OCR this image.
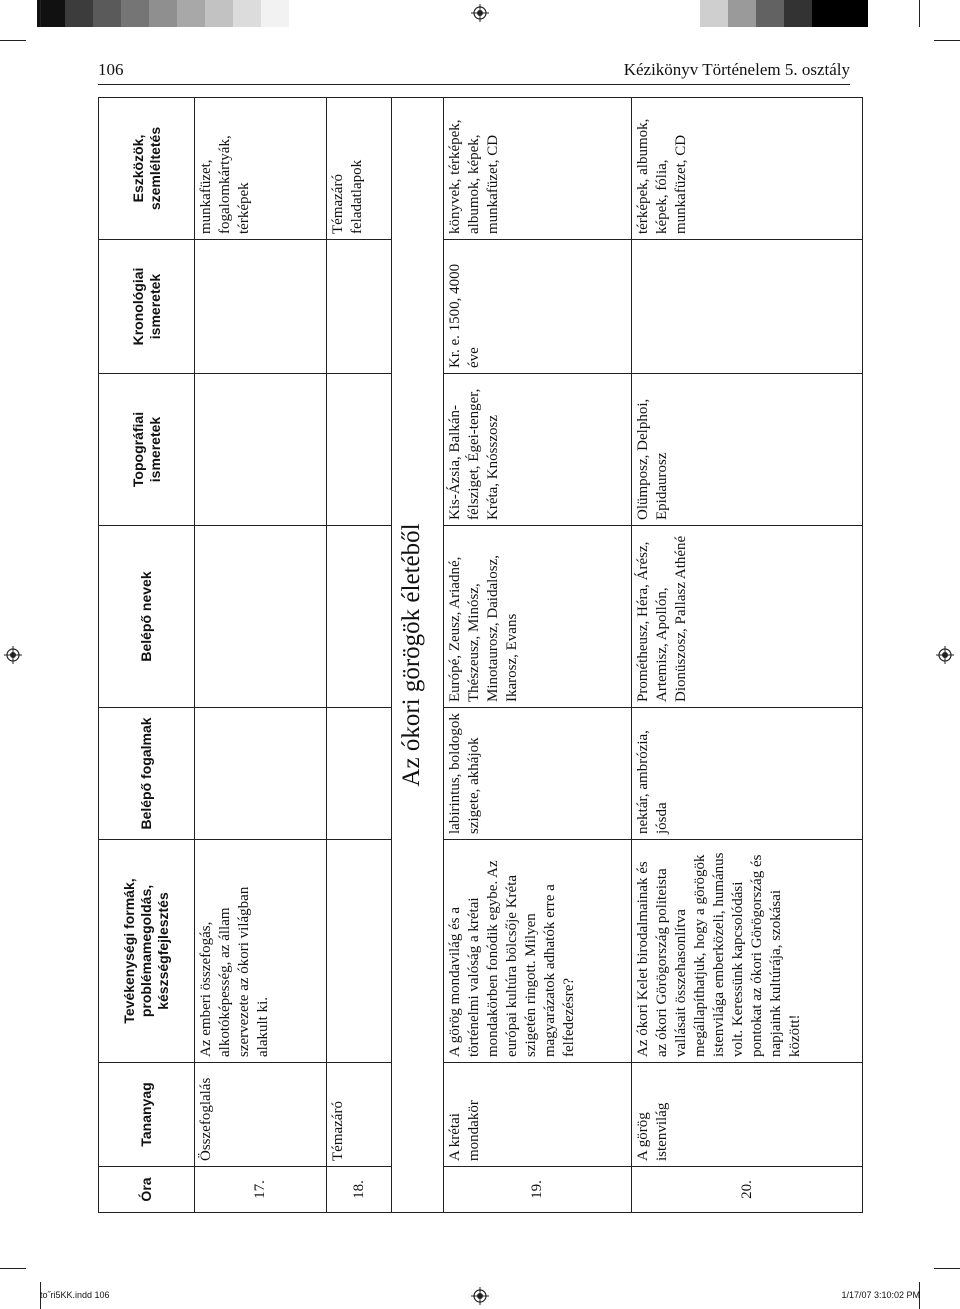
106	Kézikönyv Történelem 5. osztály
Óra	Tananyag	Tevékenységi formák, problémamegoldás, készségfejlesztés	Belépő fogalmak	Belépő nevek	Topográfiai ismeretek	Kronológiai ismeretek	Eszközök, szemléltetés
17.	Összefoglalás	Az emberi összefogás, alkotóképesség, az állam szervezete az ókori világban alakult ki.					munkafüzet, fogalomkártyák, térképek
18.	Témazáró						Témazáró feladatlapok
Az ókori görögök életéből							
19.	A krétai mondakör	A görög mondavilág és a történelmi valóság a krétai mondakörben fonódik egybe. Az európai kultúra bölcsője Kréta szigetén ringott. Milyen magyarázatok adhatók erre a felfedezésre?	labirintus, boldogok szigete, akhájok	Európé, Zeusz, Ariadné, Thészeusz, Minósz, Minotaurosz, Daidalosz, Ikarosz, Evans	Kis-Ázsia, Balkán-félsziget, Égei-tenger, Kréta, Knósszosz	Kr. e. 1500, 4000 éve	könyvek, térképek, albumok, képek, munkafüzet, CD
20.	A görög istenvilág	Az ókori Kelet birodalmainak és az ókori Görögország politeista vallásait összehasonlítva megállapíthatjuk, hogy a görögök istenvilága emberközeli, humánus volt. Keressünk kapcsolódási pontokat az ókori Görögország és napjaink kultúrája, szokásai között!	nektár, ambrózia, jósda	Prométheusz, Héra, Árész, Artemisz, Apollón, Dionüszosz, Pallasz Athéné	Olümposz, Delphoi, Epidaurosz		térképek, albumok, képek, fólia, munkafüzet, CD
to˝ri5KK.indd 106	1/17/07 3:10:02 PM
